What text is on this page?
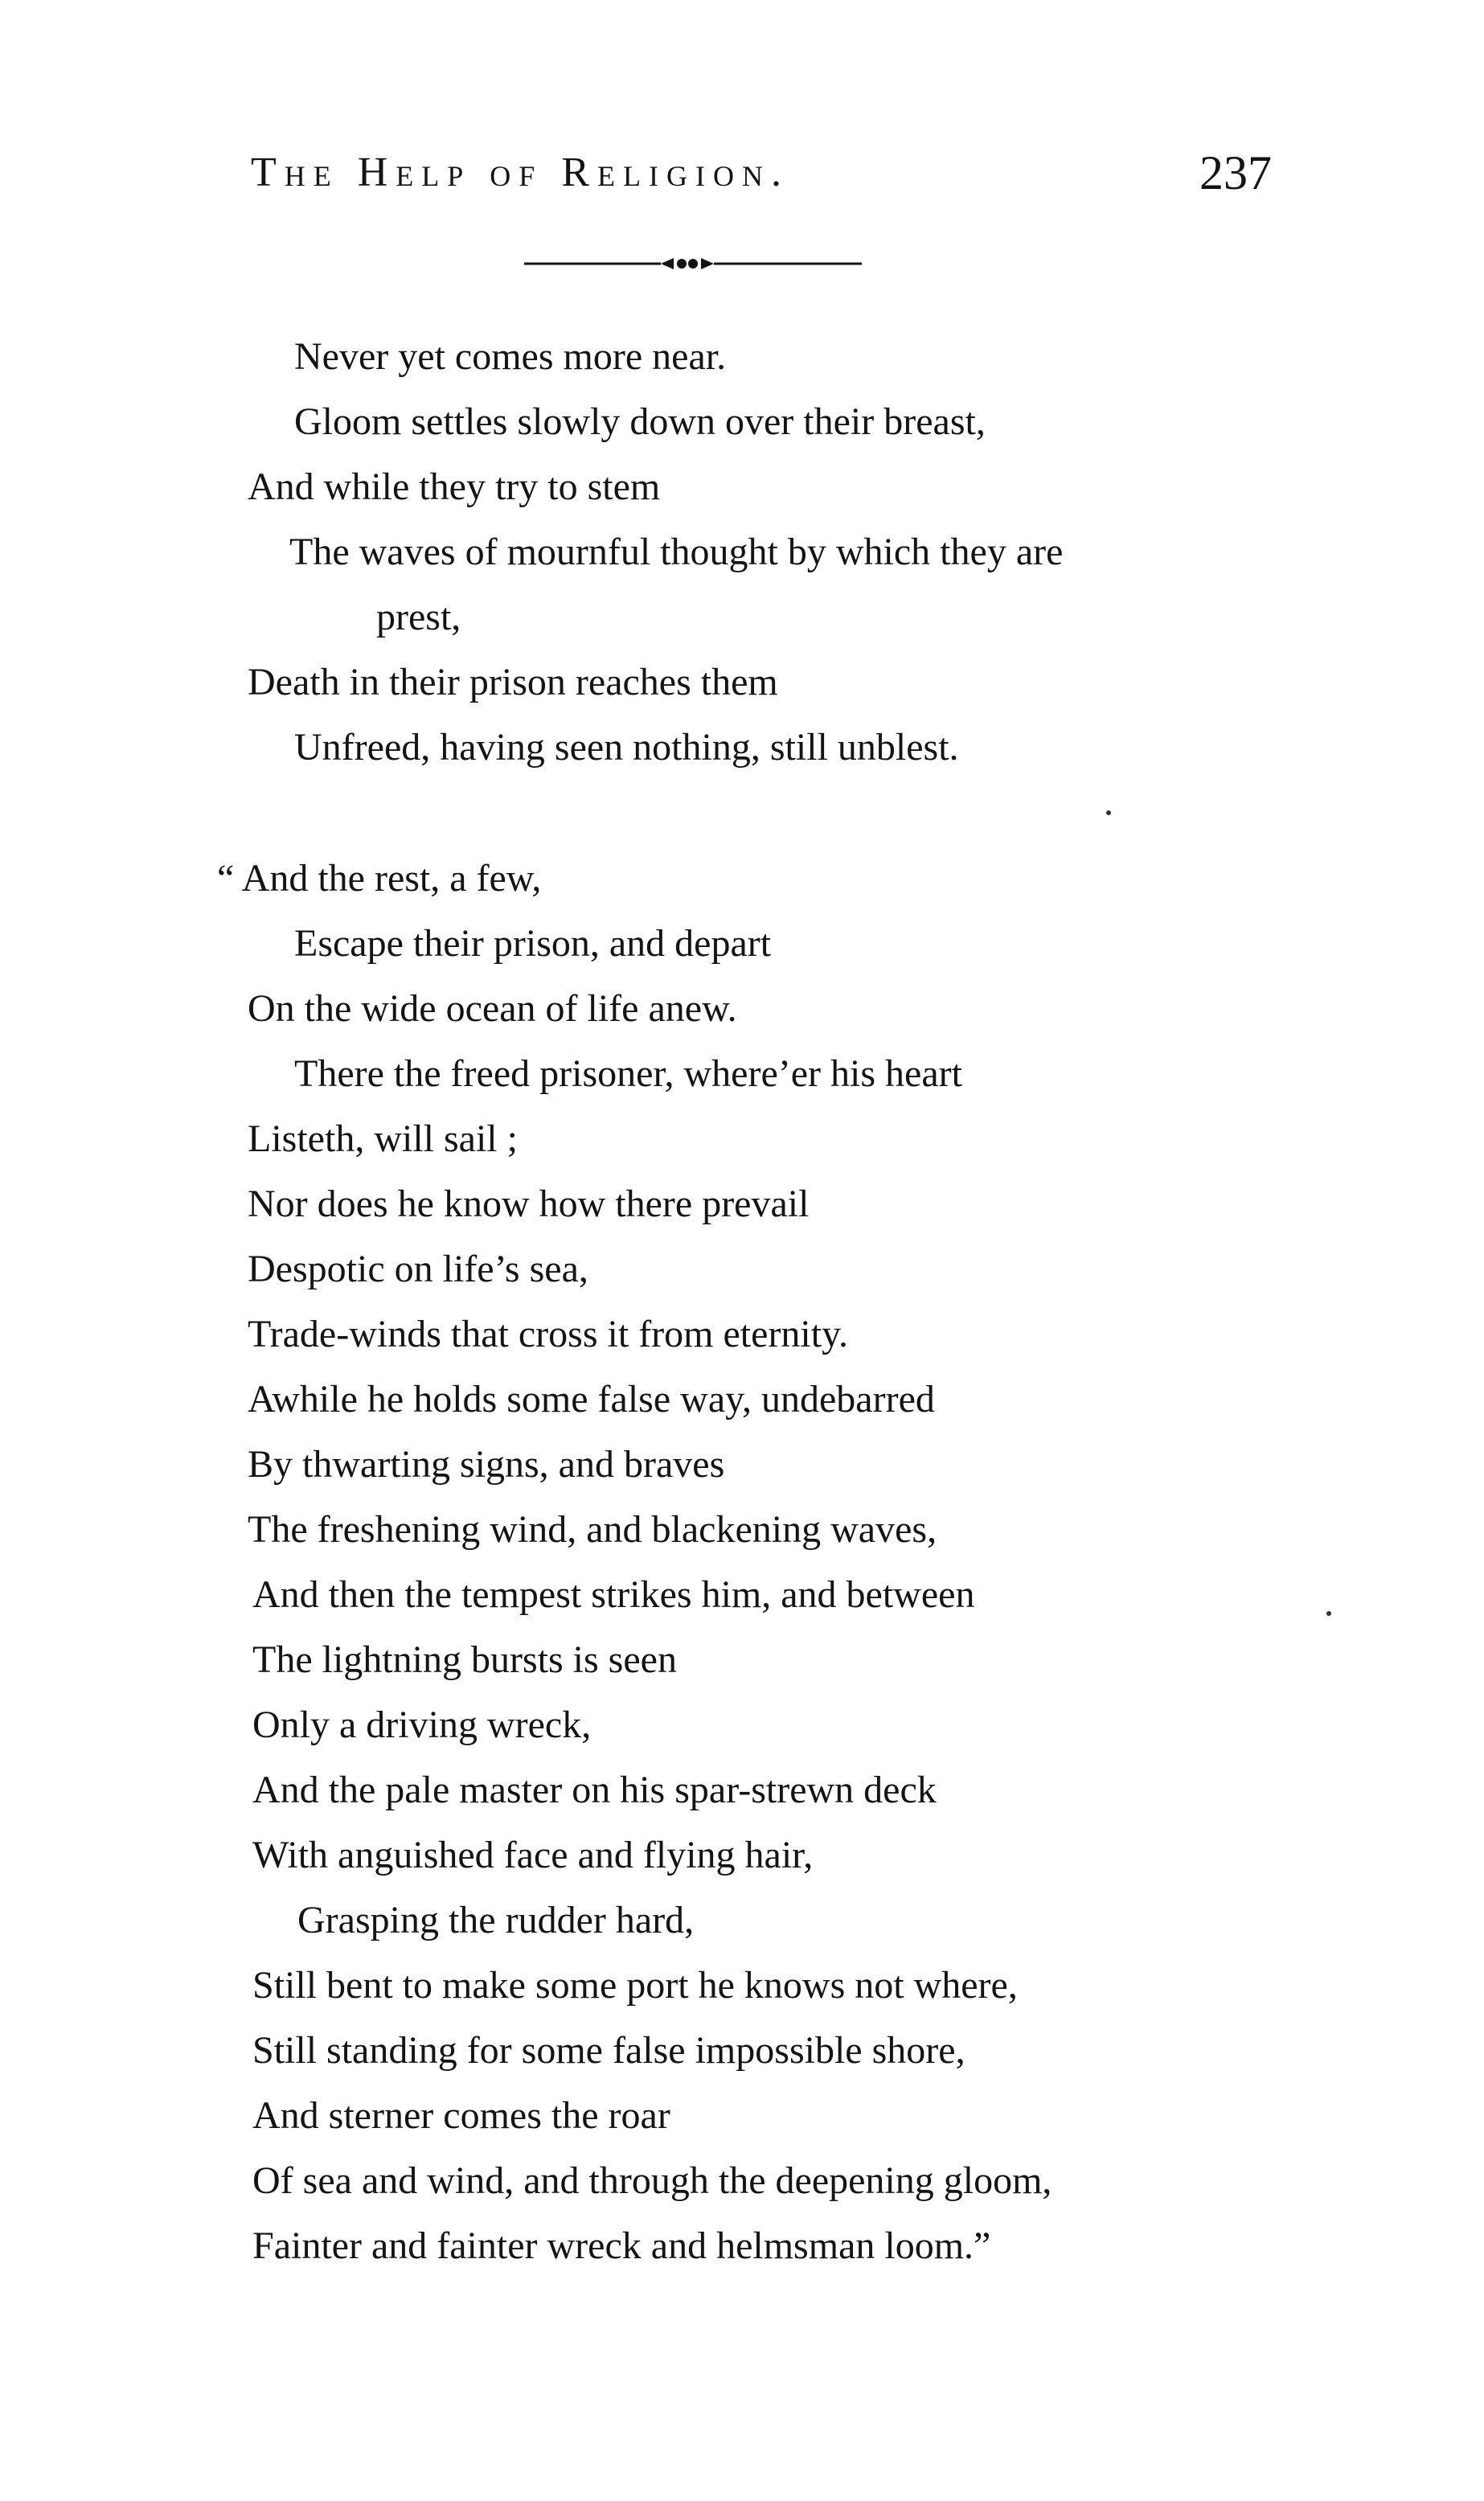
The Help of Religion.	237
Never yet comes more near.
Gloom settles slowly down over their breast,
And while they try to stem
The waves of mournful thought by which they are
prest,
Death in their prison reaches them
Unfreed, having seen nothing, still unblest.
“ And the rest, a few,
Escape their prison, and depart
On the wide ocean of life anew.
There the freed prisoner, where’er his heart
Listeth, will sail ;
Nor does he know how there prevail
Despotic on life’s sea,
Trade-winds that cross it from eternity.
Awhile he holds some false way, undebarred
By thwarting signs, and braves
The freshening wind, and blackening waves,
And then the tempest strikes him, and between
The lightning bursts is seen
Only a driving wreck,
And the pale master on his spar-strewn deck
With anguished face and flying hair,
Grasping the rudder hard,
Still bent to make some port he knows not where,
Still standing for some false impossible shore,
And sterner comes the roar
Of sea and wind, and through the deepening gloom,
Fainter and fainter wreck and helmsman loom.”
